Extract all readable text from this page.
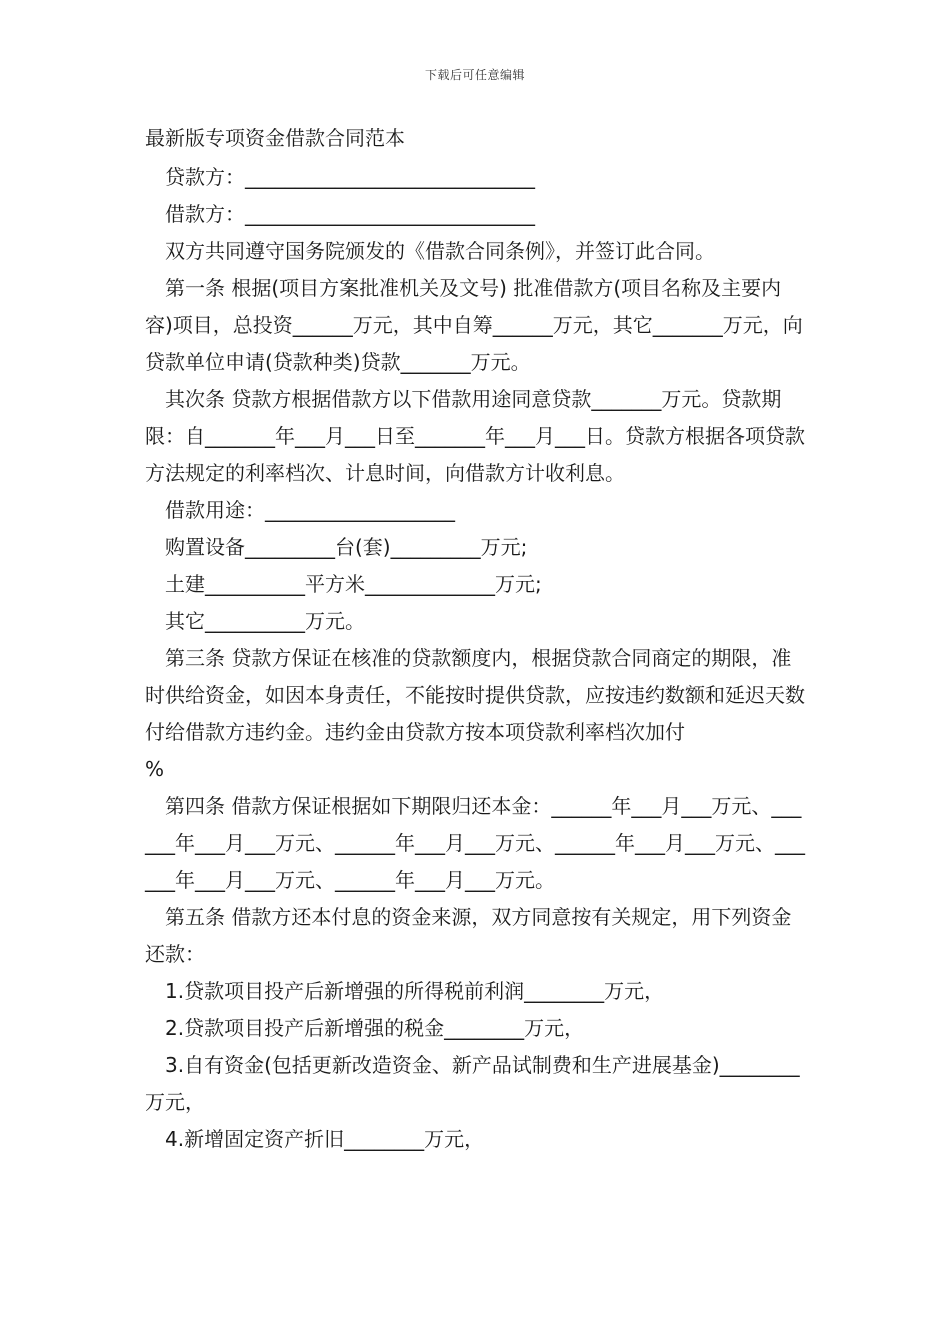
下载后可任意编辑

最新版专项资金借款合同范本

贷款方：_____________________________

借款方：_____________________________

双方共同遵守国务院颁发的《借款合同条例》，并签订此合同。

第一条 根据(项目方案批准机关及文号) 批准借款方(项目名称及主要内容)项目，总投资______万元，其中自筹______万元，其它_______万元，向贷款单位申请(贷款种类)贷款_______万元。

其次条 贷款方根据借款方以下借款用途同意贷款_______万元。贷款期限：自_______年___月___日至_______年___月___日。贷款方根据各项贷款方法规定的利率档次、计息时间，向借款方计收利息。

借款用途：___________________

购置设备_________台(套)_________万元;

土建__________平方米_____________万元;

其它__________万元。

第三条 贷款方保证在核准的贷款额度内，根据贷款合同商定的期限，准时供给资金，如因本身责任，不能按时提供贷款，应按违约数额和延迟天数付给借款方违约金。违约金由贷款方按本项贷款利率档次加付

%

第四条 借款方保证根据如下期限归还本金：______年___月___万元、______年___月___万元、______年___月___万元、______年___月___万元、______年___月___万元、______年___月___万元。

第五条 借款方还本付息的资金来源，双方同意按有关规定，用下列资金还款：

1.贷款项目投产后新增强的所得税前利润________万元，

2.贷款项目投产后新增强的税金________万元，

3.自有资金(包括更新改造资金、新产品试制费和生产进展基金)________万元，

4.新增固定资产折旧________万元，
